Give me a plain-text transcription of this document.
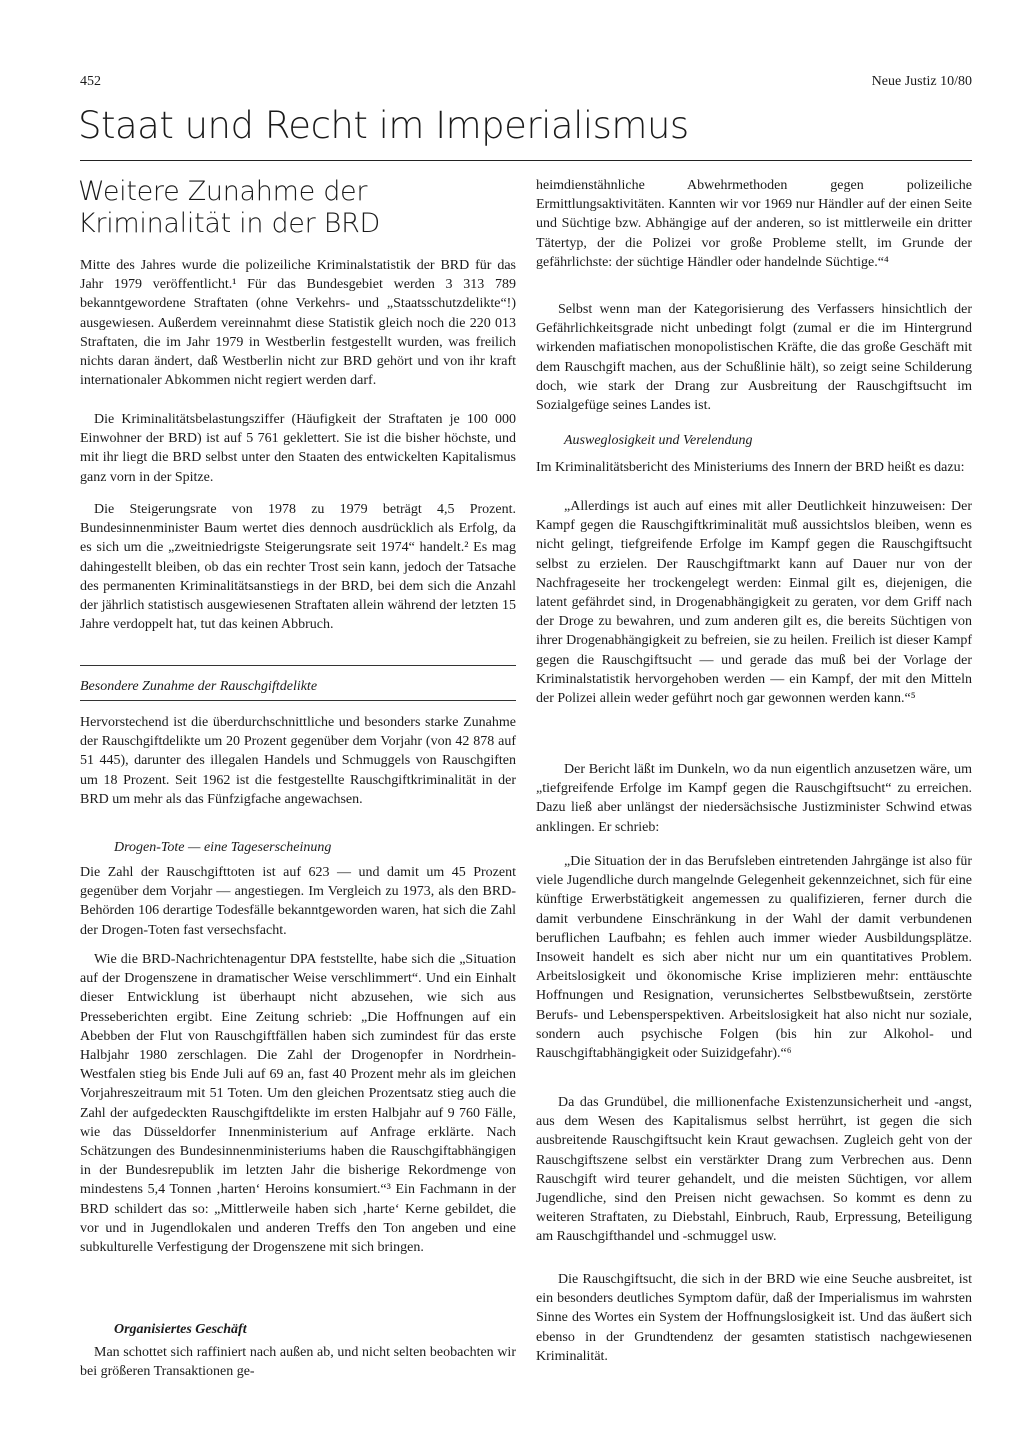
452	Neue Justiz 10/80
Staat und Recht im Imperialismus
Weitere Zunahme der Kriminalität in der BRD

Mitte des Jahres wurde die polizeiliche Kriminalstatistik der BRD für das Jahr 1979 veröffentlicht.¹ Für das Bundesgebiet werden 3 313 789 bekanntgewordene Straftaten (ohne Verkehrs- und „Staatsschutzdelikte“!) ausgewiesen. Außerdem vereinnahmt diese Statistik gleich noch die 220 013 Straftaten, die im Jahr 1979 in Westberlin festgestellt wurden, was freilich nichts daran ändert, daß Westberlin nicht zur BRD gehört und von ihr kraft internationaler Abkommen nicht regiert werden darf.

Die Kriminalitätsbelastungsziffer (Häufigkeit der Straftaten je 100 000 Einwohner der BRD) ist auf 5 761 geklettert. Sie ist die bisher höchste, und mit ihr liegt die BRD selbst unter den Staaten des entwickelten Kapitalismus ganz vorn in der Spitze.

Die Steigerungsrate von 1978 zu 1979 beträgt 4,5 Prozent. Bundesinnenminister Baum wertet dies dennoch ausdrücklich als Erfolg, da es sich um die „zweitniedrigste Steigerungsrate seit 1974“ handelt.² Es mag dahingestellt bleiben, ob das ein rechter Trost sein kann, jedoch der Tatsache des permanenten Kriminalitätsanstiegs in der BRD, bei dem sich die Anzahl der jährlich statistisch ausgewiesenen Straftaten allein während der letzten 15 Jahre verdoppelt hat, tut das keinen Abbruch.

Besondere Zunahme der Rauschgiftdelikte

Hervorstechend ist die überdurchschnittliche und besonders starke Zunahme der Rauschgiftdelikte um 20 Prozent gegenüber dem Vorjahr (von 42 878 auf 51 445), darunter des illegalen Handels und Schmuggels von Rauschgiften um 18 Prozent. Seit 1962 ist die festgestellte Rauschgiftkriminalität in der BRD um mehr als das Fünfzigfache angewachsen.

Drogen-Tote — eine Tageserscheinung

Die Zahl der Rauschgifttoten ist auf 623 — und damit um 45 Prozent gegenüber dem Vorjahr — angestiegen. Im Vergleich zu 1973, als den BRD-Behörden 106 derartige Todesfälle bekanntgeworden waren, hat sich die Zahl der Drogen-Toten fast versechsfacht.

Wie die BRD-Nachrichtenagentur DPA feststellte, habe sich die „Situation auf der Drogenszene in dramatischer Weise verschlimmert“. Und ein Einhalt dieser Entwicklung ist überhaupt nicht abzusehen, wie sich aus Presseberichten ergibt. Eine Zeitung schrieb: „Die Hoffnungen auf ein Abebben der Flut von Rauschgiftfällen haben sich zumindest für das erste Halbjahr 1980 zerschlagen. Die Zahl der Drogenopfer in Nordrhein-Westfalen stieg bis Ende Juli auf 69 an, fast 40 Prozent mehr als im gleichen Vorjahreszeitraum mit 51 Toten. Um den gleichen Prozentsatz stieg auch die Zahl der aufgedeckten Rauschgiftdelikte im ersten Halbjahr auf 9 760 Fälle, wie das Düsseldorfer Innenministerium auf Anfrage erklärte. Nach Schätzungen des Bundesinnenministeriums haben die Rauschgiftabhängigen in der Bundesrepublik im letzten Jahr die bisherige Rekordmenge von mindestens 5,4 Tonnen ‚harten‘ Heroins konsumiert.“³ Ein Fachmann in der BRD schildert das so: „Mittlerweile haben sich ‚harte‘ Kerne gebildet, die vor und in Jugendlokalen und anderen Treffs den Ton angeben und eine subkulturelle Verfestigung der Drogenszene mit sich bringen.

Organisiertes Geschäft

Man schottet sich raffiniert nach außen ab, und nicht selten beobachten wir bei größeren Transaktionen ge-

heimdienstähnliche Abwehrmethoden gegen polizeiliche Ermittlungsaktivitäten. Kannten wir vor 1969 nur Händler auf der einen Seite und Süchtige bzw. Abhängige auf der anderen, so ist mittlerweile ein dritter Tätertyp, der die Polizei vor große Probleme stellt, im Grunde der gefährlichste: der süchtige Händler oder handelnde Süchtige.“⁴

Selbst wenn man der Kategorisierung des Verfassers hinsichtlich der Gefährlichkeitsgrade nicht unbedingt folgt (zumal er die im Hintergrund wirkenden mafiatischen monopolistischen Kräfte, die das große Geschäft mit dem Rauschgift machen, aus der Schußlinie hält), so zeigt seine Schilderung doch, wie stark der Drang zur Ausbreitung der Rauschgiftsucht im Sozialgefüge seines Landes ist.

Ausweglosigkeit und Verelendung

Im Kriminalitätsbericht des Ministeriums des Innern der BRD heißt es dazu:

„Allerdings ist auch auf eines mit aller Deutlichkeit hinzuweisen: Der Kampf gegen die Rauschgiftkriminalität muß aussichtslos bleiben, wenn es nicht gelingt, tiefgreifende Erfolge im Kampf gegen die Rauschgiftsucht selbst zu erzielen. Der Rauschgiftmarkt kann auf Dauer nur von der Nachfrageseite her trockengelegt werden: Einmal gilt es, diejenigen, die latent gefährdet sind, in Drogenabhängigkeit zu geraten, vor dem Griff nach der Droge zu bewahren, und zum anderen gilt es, die bereits Süchtigen von ihrer Drogenabhängigkeit zu befreien, sie zu heilen. Freilich ist dieser Kampf gegen die Rauschgiftsucht — und gerade das muß bei der Vorlage der Kriminalstatistik hervorgehoben werden — ein Kampf, der mit den Mitteln der Polizei allein weder geführt noch gar gewonnen werden kann.“⁵

Der Bericht läßt im Dunkeln, wo da nun eigentlich anzusetzen wäre, um „tiefgreifende Erfolge im Kampf gegen die Rauschgiftsucht“ zu erreichen. Dazu ließ aber unlängst der niedersächsische Justizminister Schwind etwas anklingen. Er schrieb:

„Die Situation der in das Berufsleben eintretenden Jahrgänge ist also für viele Jugendliche durch mangelnde Gelegenheit gekennzeichnet, sich für eine künftige Erwerbstätigkeit angemessen zu qualifizieren, ferner durch die damit verbundene Einschränkung in der Wahl der damit verbundenen beruflichen Laufbahn; es fehlen auch immer wieder Ausbildungsplätze. Insoweit handelt es sich aber nicht nur um ein quantitatives Problem. Arbeitslosigkeit und ökonomische Krise implizieren mehr: enttäuschte Hoffnungen und Resignation, verunsichertes Selbstbewußtsein, zerstörte Berufs- und Lebensperspektiven. Arbeitslosigkeit hat also nicht nur soziale, sondern auch psychische Folgen (bis hin zur Alkohol- und Rauschgiftabhängigkeit oder Suizidgefahr).“⁶

Da das Grundübel, die millionenfache Existenzunsicherheit und -angst, aus dem Wesen des Kapitalismus selbst herrührt, ist gegen die sich ausbreitende Rauschgiftsucht kein Kraut gewachsen. Zugleich geht von der Rauschgiftszene selbst ein verstärkter Drang zum Verbrechen aus. Denn Rauschgift wird teurer gehandelt, und die meisten Süchtigen, vor allem Jugendliche, sind den Preisen nicht gewachsen. So kommt es denn zu weiteren Straftaten, zu Diebstahl, Einbruch, Raub, Erpressung, Beteiligung am Rauschgifthandel und -schmuggel usw.

Die Rauschgiftsucht, die sich in der BRD wie eine Seuche ausbreitet, ist ein besonders deutliches Symptom dafür, daß der Imperialismus im wahrsten Sinne des Wortes ein System der Hoffnungslosigkeit ist. Und das äußert sich ebenso in der Grundtendenz der gesamten statistisch nachgewiesenen Kriminalität.
